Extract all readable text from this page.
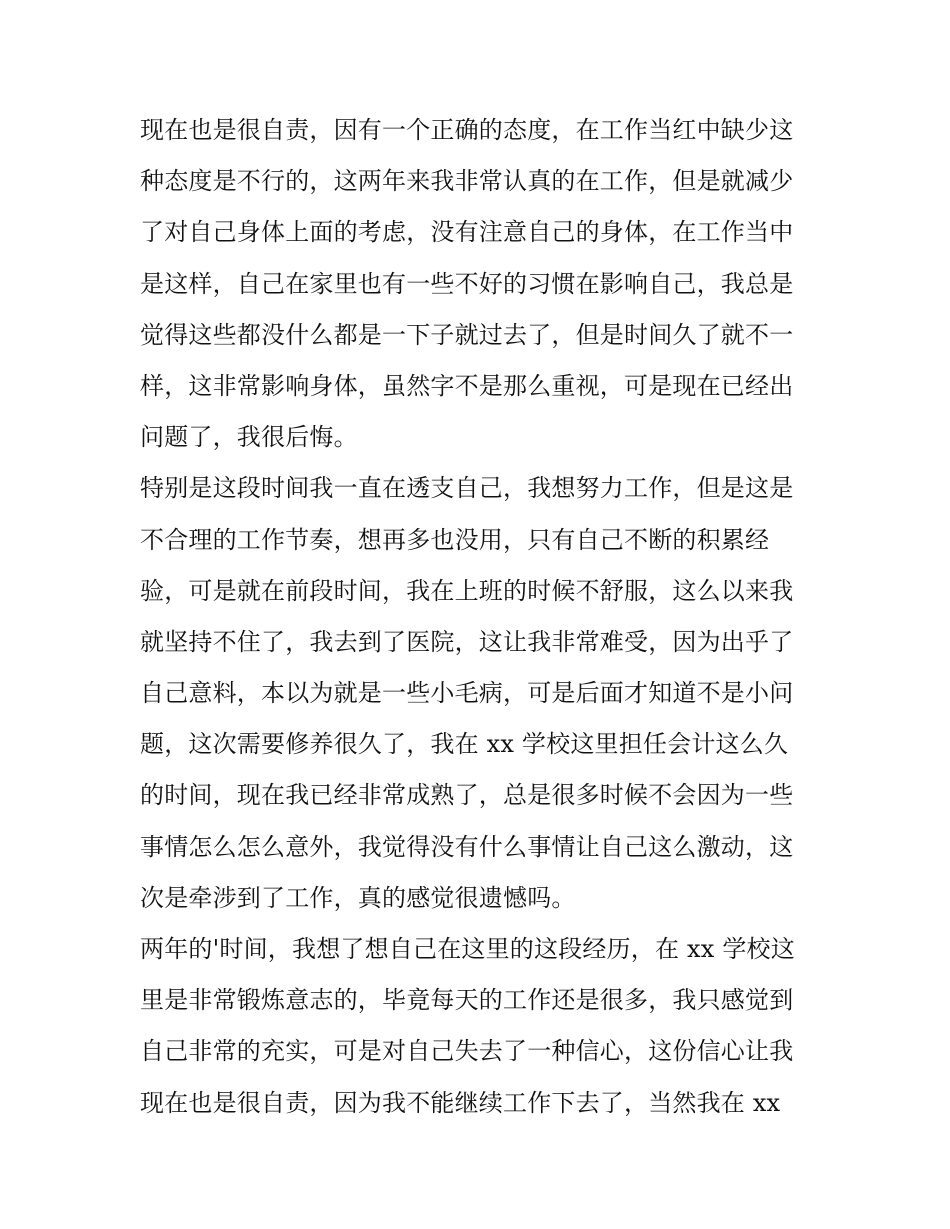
现在也是很自责，因有一个正确的态度，在工作当红中缺少这
种态度是不行的，这两年来我非常认真的在工作，但是就减少
了对自己身体上面的考虑，没有注意自己的身体，在工作当中
是这样，自己在家里也有一些不好的习惯在影响自己，我总是
觉得这些都没什么都是一下子就过去了，但是时间久了就不一
样，这非常影响身体，虽然字不是那么重视，可是现在已经出
问题了，我很后悔。
特别是这段时间我一直在透支自己，我想努力工作，但是这是
不合理的工作节奏，想再多也没用，只有自己不断的积累经
验，可是就在前段时间，我在上班的时候不舒服，这么以来我
就坚持不住了，我去到了医院，这让我非常难受，因为出乎了
自己意料，本以为就是一些小毛病，可是后面才知道不是小问
题，这次需要修养很久了，我在 xx 学校这里担任会计这么久
的时间，现在我已经非常成熟了，总是很多时候不会因为一些
事情怎么怎么意外，我觉得没有什么事情让自己这么激动，这
次是牵涉到了工作，真的感觉很遗憾吗。
两年的'时间，我想了想自己在这里的这段经历，在 xx 学校这
里是非常锻炼意志的，毕竟每天的工作还是很多，我只感觉到
自己非常的充实，可是对自己失去了一种信心，这份信心让我
现在也是很自责，因为我不能继续工作下去了，当然我在 xx
